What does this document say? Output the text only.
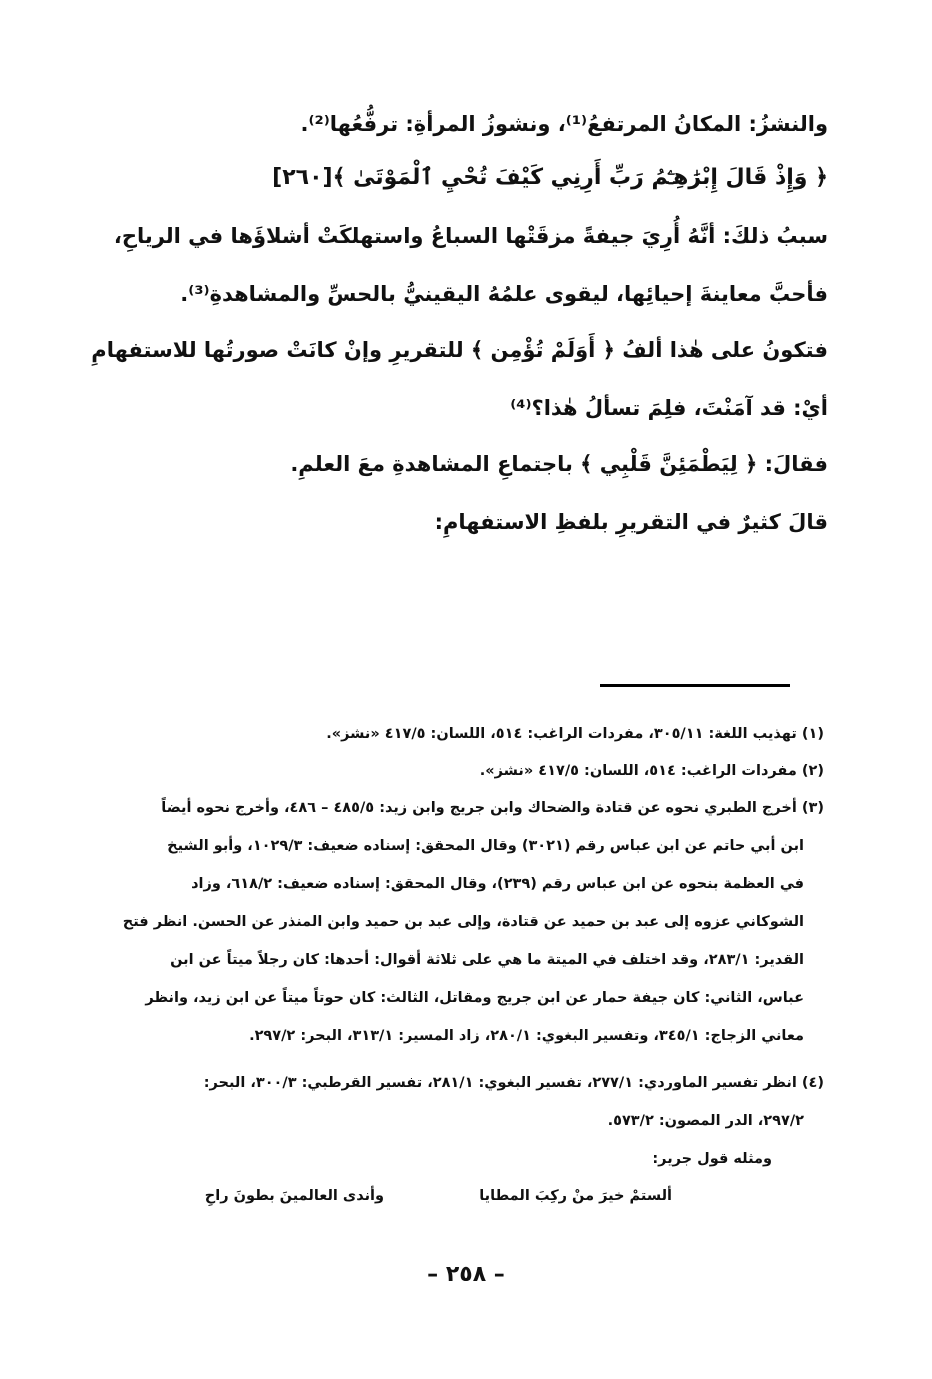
والنشزُ: المكانُ المرتفعُ⁽¹⁾، ونشوزُ المرأةِ: ترفُّعُها⁽²⁾.
﴿ وَإِذْ قَالَ إِبْرَٰهِـۧمُ رَبِّ أَرِنِي كَيْفَ تُحْيِ ٱلْمَوْتَىٰ ﴾[٢٦٠]
سببُ ذلكَ: أنَّهُ أُرِيَ جيفةً مزقَتْها السباعُ واستهلكَتْ أشلاؤَها في الرياحِ،
فأحبَّ معاينةَ إحيائِها، ليقوى علمُهُ اليقينيُّ بالحسِّ والمشاهدةِ⁽³⁾.
فتكونُ على هٰذا ألفُ ﴿ أَوَلَمْ تُؤْمِن ﴾ للتقريرِ وإنْ كانَتْ صورتُها للاستفهامِ
أيْ: قد آمَنْتَ، فلِمَ تسألُ هٰذا؟⁽⁴⁾
فقالَ: ﴿ لِيَطْمَئِنَّ قَلْبِي ﴾ باجتماعِ المشاهدةِ معَ العلمِ.
قالَ كثيرٌ في التقريرِ بلفظِ الاستفهامِ:
(١) تهذيب اللغة: ٣٠٥/١١، مفردات الراغب: ٥١٤، اللسان: ٤١٧/٥ «نشز».
(٢) مفردات الراغب: ٥١٤، اللسان: ٤١٧/٥ «نشز».
(٣) أخرج الطبري نحوه عن قتادة والضحاك وابن جريج وابن زيد: ٤٨٥/٥ – ٤٨٦، وأخرج نحوه أيضاً
ابن أبي حاتم عن ابن عباس رقم (٣٠٢١) وقال المحقق: إسناده ضعيف: ١٠٢٩/٣، وأبو الشيخ
في العظمة بنحوه عن ابن عباس رقم (٢٣٩)، وقال المحقق: إسناده ضعيف: ٦١٨/٢، وزاد
الشوكاني عزوه إلى عبد بن حميد عن قتادة، وإلى عبد بن حميد وابن المنذر عن الحسن. انظر فتح
القدير: ٢٨٣/١، وقد اختلف في الميتة ما هي على ثلاثة أقوال: أحدها: كان رجلاً ميتاً عن ابن
عباس، الثاني: كان جيفة حمار عن ابن جريج ومقاتل، الثالث: كان حوتاً ميتاً عن ابن زيد، وانظر
معاني الزجاج: ٣٤٥/١، وتفسير البغوي: ٢٨٠/١، زاد المسير: ٣١٣/١، البحر: ٢٩٧/٢.
(٤) انظر تفسير الماوردي: ٢٧٧/١، تفسير البغوي: ٢٨١/١، تفسير القرطبي: ٣٠٠/٣، البحر:
٢٩٧/٢، الدر المصون: ٥٧٣/٢.
ومثله قول جرير:
ألستمْ خيرَ منْ ركِبَ المطايا
وأندى العالمينَ بطونَ راحِ
– ٢٥٨ –
